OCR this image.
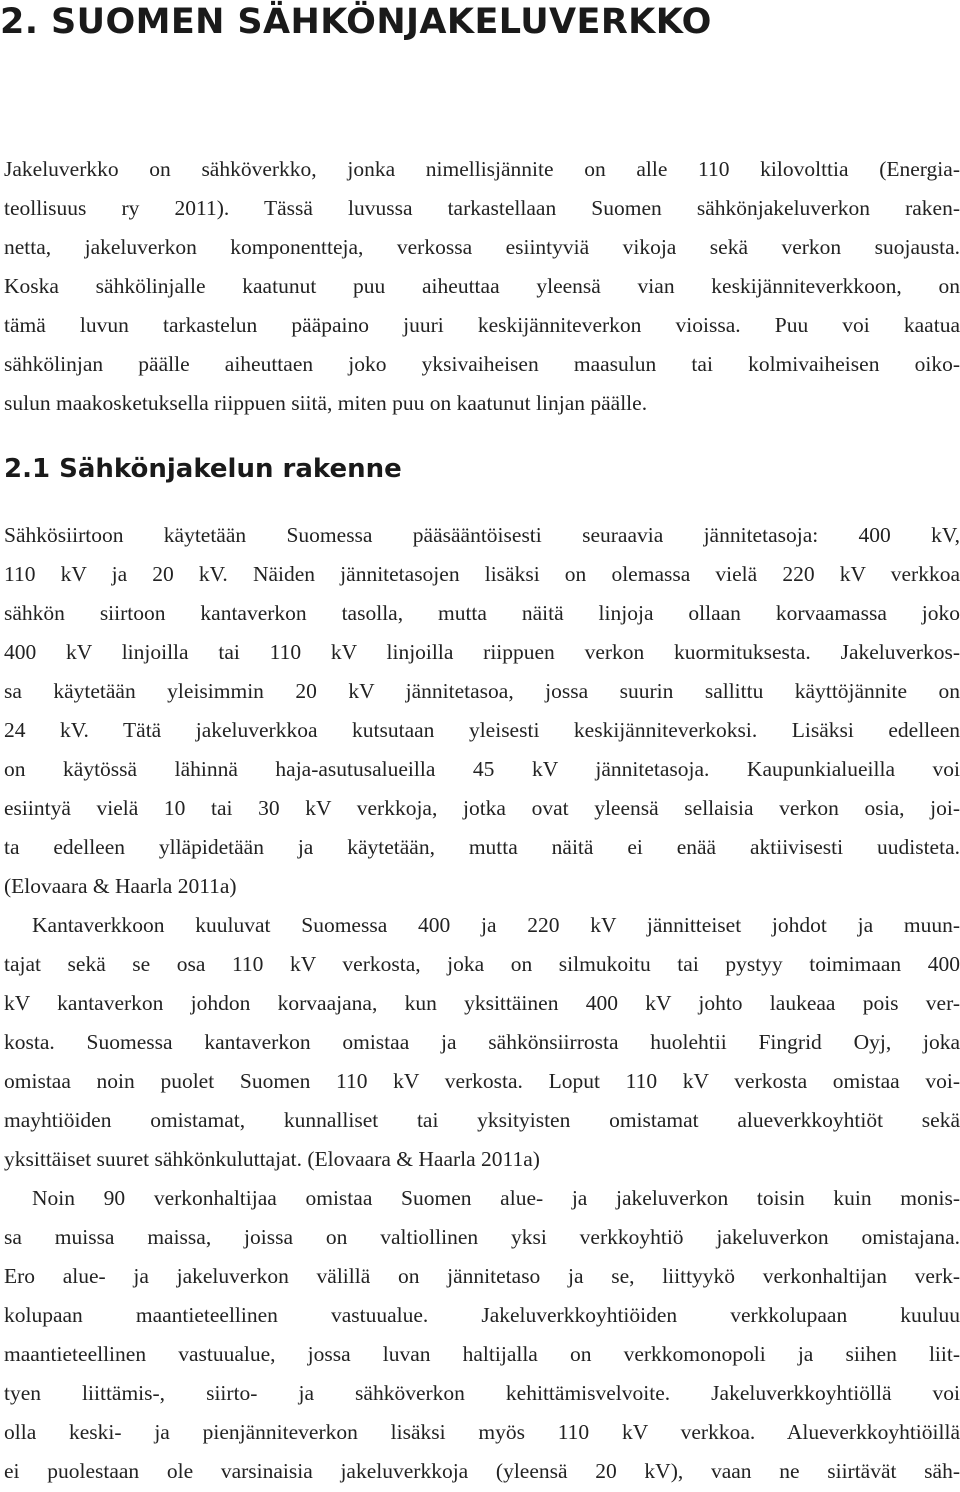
2. SUOMEN SÄHKÖNJAKELUVERKKO
Jakeluverkko on sähköverkko, jonka nimellisjännite on alle 110 kilovolttia (Energia-
teollisuus ry 2011). Tässä luvussa tarkastellaan Suomen sähkönjakeluverkon raken-
netta, jakeluverkon komponentteja, verkossa esiintyviä vikoja sekä verkon suojausta.
Koska sähkölinjalle kaatunut puu aiheuttaa yleensä vian keskijänniteverkkoon, on
tämä luvun tarkastelun pääpaino juuri keskijänniteverkon vioissa. Puu voi kaatua
sähkölinjan päälle aiheuttaen joko yksivaiheisen maasulun tai kolmivaiheisen oiko-
sulun maakosketuksella riippuen siitä, miten puu on kaatunut linjan päälle.
2.1 Sähkönjakelun rakenne
Sähkösiirtoon käytetään Suomessa pääsääntöisesti seuraavia jännitetasoja: 400 kV,
110 kV ja 20 kV. Näiden jännitetasojen lisäksi on olemassa vielä 220 kV verkkoa
sähkön siirtoon kantaverkon tasolla, mutta näitä linjoja ollaan korvaamassa joko
400 kV linjoilla tai 110 kV linjoilla riippuen verkon kuormituksesta. Jakeluverkos-
sa käytetään yleisimmin 20 kV jännitetasoa, jossa suurin sallittu käyttöjännite on
24 kV. Tätä jakeluverkkoa kutsutaan yleisesti keskijänniteverkoksi. Lisäksi edelleen
on käytössä lähinnä haja-asutusalueilla 45 kV jännitetasoja. Kaupunkialueilla voi
esiintyä vielä 10 tai 30 kV verkkoja, jotka ovat yleensä sellaisia verkon osia, joi-
ta edelleen ylläpidetään ja käytetään, mutta näitä ei enää aktiivisesti uudisteta.
(Elovaara & Haarla 2011a)
Kantaverkkoon kuuluvat Suomessa 400 ja 220 kV jännitteiset johdot ja muun-
tajat sekä se osa 110 kV verkosta, joka on silmukoitu tai pystyy toimimaan 400
kV kantaverkon johdon korvaajana, kun yksittäinen 400 kV johto laukeaa pois ver-
kosta. Suomessa kantaverkon omistaa ja sähkönsiirrosta huolehtii Fingrid Oyj, joka
omistaa noin puolet Suomen 110 kV verkosta. Loput 110 kV verkosta omistaa voi-
mayhtiöiden omistamat, kunnalliset tai yksityisten omistamat alueverkkoyhtiöt sekä
yksittäiset suuret sähkönkuluttajat. (Elovaara & Haarla 2011a)
Noin 90 verkonhaltijaa omistaa Suomen alue- ja jakeluverkon toisin kuin monis-
sa muissa maissa, joissa on valtiollinen yksi verkkoyhtiö jakeluverkon omistajana.
Ero alue- ja jakeluverkon välillä on jännitetaso ja se, liittyykö verkonhaltijan verk-
kolupaan maantieteellinen vastuualue. Jakeluverkkoyhtiöiden verkkolupaan kuuluu
maantieteellinen vastuualue, jossa luvan haltijalla on verkkomonopoli ja siihen liit-
tyen liittämis-, siirto- ja sähköverkon kehittämisvelvoite. Jakeluverkkoyhtiöllä voi
olla keski- ja pienjänniteverkon lisäksi myös 110 kV verkkoa. Alueverkkoyhtiöillä
ei puolestaan ole varsinaisia jakeluverkkoja (yleensä 20 kV), vaan ne siirtävät säh-
